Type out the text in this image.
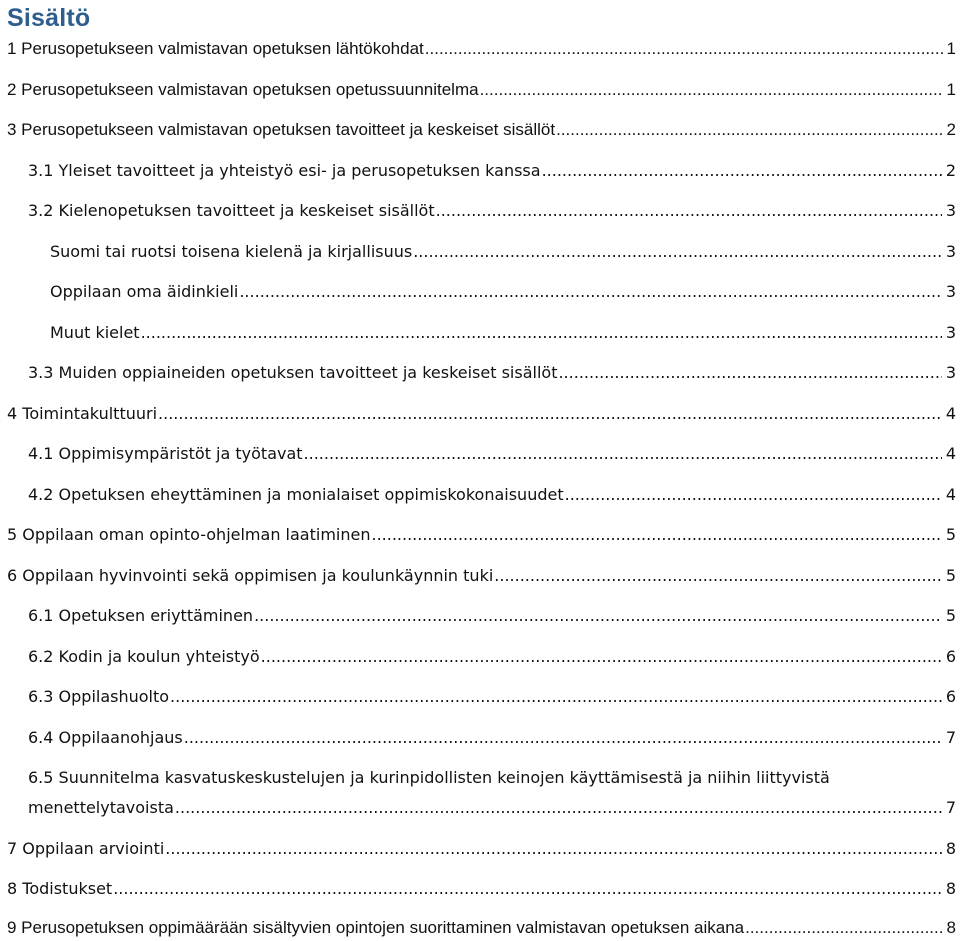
Sisältö
1 Perusopetukseen valmistavan opetuksen lähtökohdat .....	1
2 Perusopetukseen valmistavan opetuksen opetussuunnitelma .....	1
3 Perusopetukseen valmistavan opetuksen tavoitteet ja keskeiset sisällöt .....	2
3.1 Yleiset tavoitteet ja yhteistyö esi- ja perusopetuksen kanssa .....	2
3.2 Kielenopetuksen tavoitteet ja keskeiset sisällöt .....	3
Suomi tai ruotsi toisena kielenä ja kirjallisuus .....	3
Oppilaan oma äidinkieli .....	3
Muut kielet .....	3
3.3 Muiden oppiaineiden opetuksen tavoitteet ja keskeiset sisällöt .....	3
4 Toimintakulttuuri .....	4
4.1 Oppimisympäristöt ja työtavat .....	4
4.2 Opetuksen eheyttäminen ja monialaiset oppimiskokonaisuudet .....	4
5 Oppilaan oman opinto-ohjelman laatiminen .....	5
6 Oppilaan hyvinvointi sekä oppimisen ja koulunkäynnin tuki .....	5
6.1 Opetuksen eriyttäminen .....	5
6.2 Kodin ja koulun yhteistyö .....	6
6.3 Oppilashuolto .....	6
6.4 Oppilaanohjaus .....	7
6.5 Suunnitelma kasvatuskeskustelujen ja kurinpidollisten keinojen käyttämisestä ja niihin liittyvistä
menettelytavoista .....	7
7 Oppilaan arviointi .....	8
8 Todistukset .....	8
9 Perusopetuksen oppimäärään sisältyvien opintojen suorittaminen valmistavan opetuksen aikana .....	8
